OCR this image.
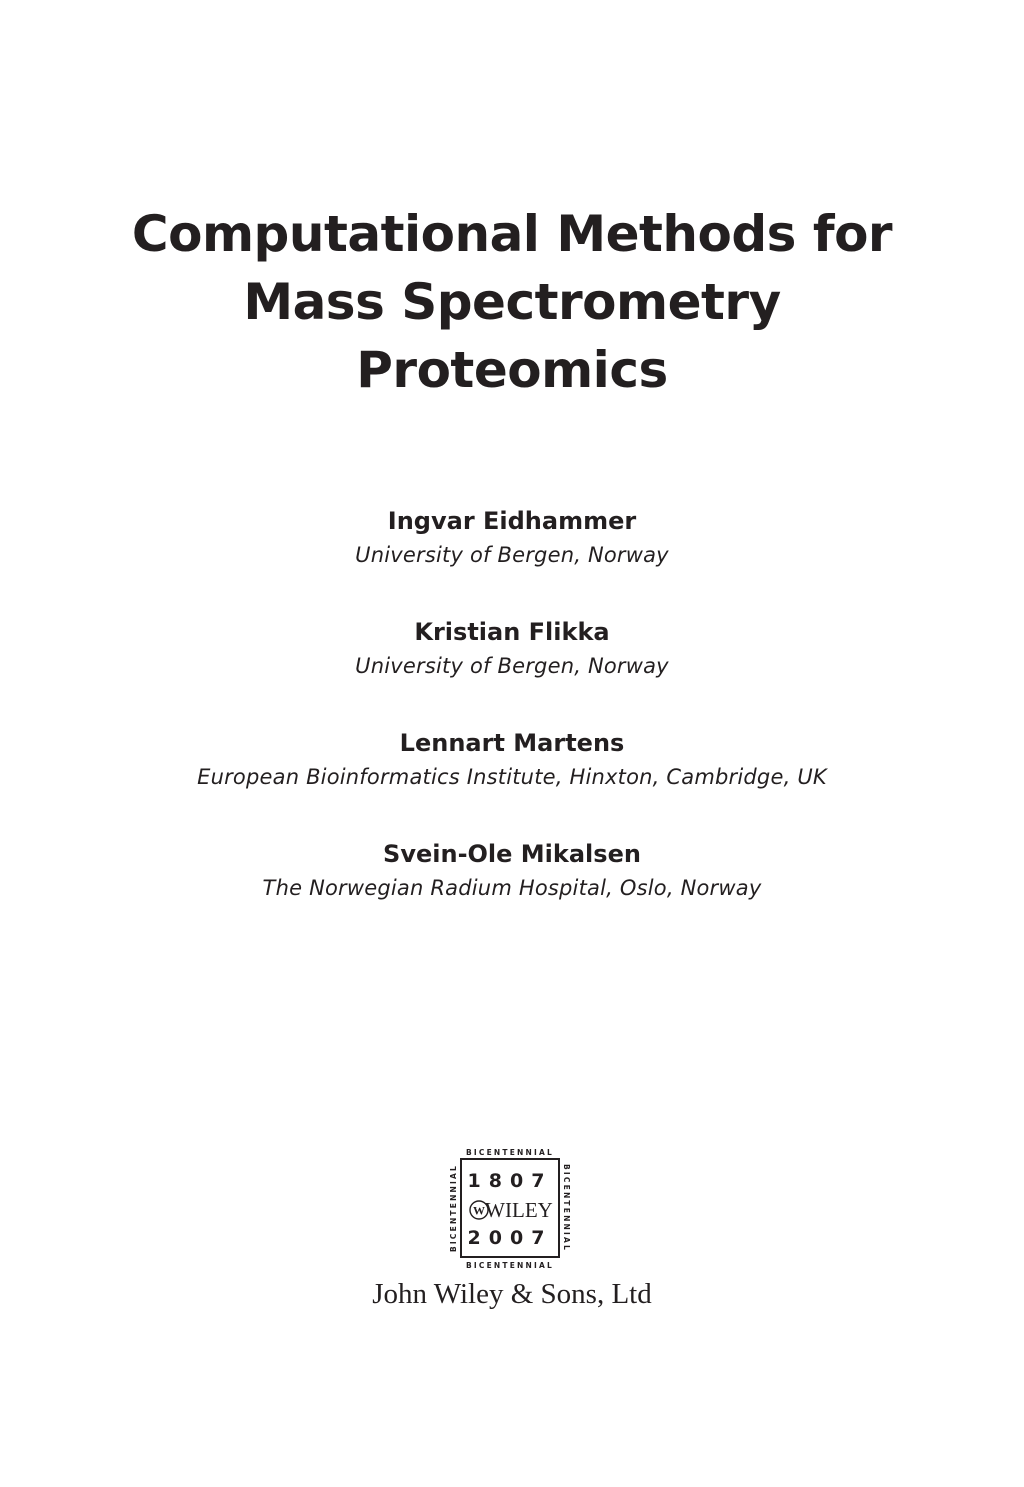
Computational Methods for
Mass Spectrometry
Proteomics
Ingvar Eidhammer
University of Bergen, Norway
Kristian Flikka
University of Bergen, Norway
Lennart Martens
European Bioinformatics Institute, Hinxton, Cambridge, UK
Svein-Ole Mikalsen
The Norwegian Radium Hospital, Oslo, Norway
BICENTENNIAL
BICENTENNIAL
BICENTENNIAL	BICENTENNIAL
1807
W WILEY
2007
John Wiley & Sons, Ltd
